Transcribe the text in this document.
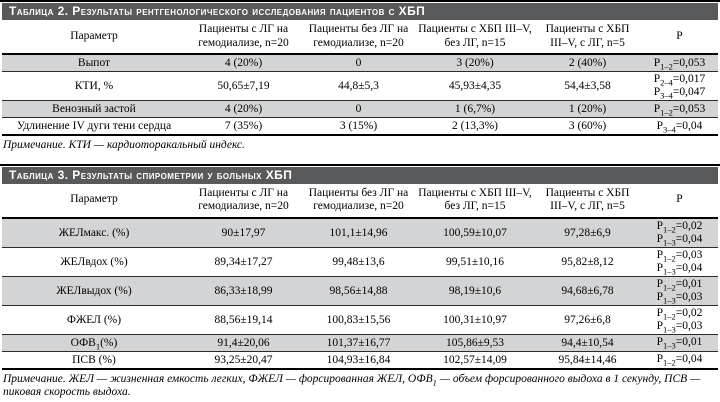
Таблица 2. Результаты рентгенологического исследования пациентов с ХБП
Параметр	Пациенты с ЛГ на гемодиализе, n=20	Пациенты без ЛГ на гемодиализе, n=20	Пациенты с ХБП III–V, без ЛГ, n=15	Пациенты с ХБП III–V, с ЛГ, n=5	Р
Выпот	4 (20%)	0	3 (20%)	2 (40%)	$P_{1-2}=0,053$

КТИ, %	50,65±7,19	44,8±5,3	45,93±4,35	54,4±3,58	$P_{2-4}=0,017$
$P_{3-4}=0,047$

Венозный застой	4 (20%)	0	1 (6,7%)	1 (20%)	$P_{1-2}=0,053$

Удлинение IV дуги тени сердца	7 (35%)	3 (15%)	2 (13,3%)	3 (60%)	$P_{3-4}=0,04$

Примечание. КТИ — кардиоторакальный индекс.

Таблица 3. Результаты спирометрии у больных ХБП
Параметр	Пациенты с ЛГ на гемодиализе, n=20	Пациенты без ЛГ на гемодиализе, n=20	Пациенты с ХБП III–V, без ЛГ, n=15	Пациенты с ХБП III–V, с ЛГ, n=5	Р
ЖЕЛмакс. (%)	90±17,97	101,1±14,96	100,59±10,07	97,28±6,9	$P_{1-2}=0,02$
$P_{1-3}=0,04$

ЖЕЛвдох (%)	89,34±17,27	99,48±13,6	99,51±10,16	95,82±8,12	$P_{1-2}=0,03$
$P_{1-3}=0,04$

ЖЕЛвыдох (%)	86,33±18,99	98,56±14,88	98,19±10,6	94,68±6,78	$P_{1-2}=0,01$
$P_{1-3}=0,03$

ФЖЕЛ (%)	88,56±19,14	100,83±15,56	100,31±10,97	97,26±6,8	$P_{1-2}=0,02$
$P_{1-3}=0,03$

$ОФВ_1(\%)$	91,4±20,06	101,37±16,77	105,86±9,53	94,4±10,54	$P_{1-3}=0,01$

ПСВ (%)	93,25±20,47	104,93±16,84	102,57±14,09	95,84±14,46	$P_{1-2}=0,04$

Примечание. ЖЕЛ — жизненная емкость легких, ФЖЕЛ — форсированная ЖЕЛ, $ОФВ_1$ — объем форсированного выдоха в 1 секунду, ПСВ — пиковая скорость выдоха.
